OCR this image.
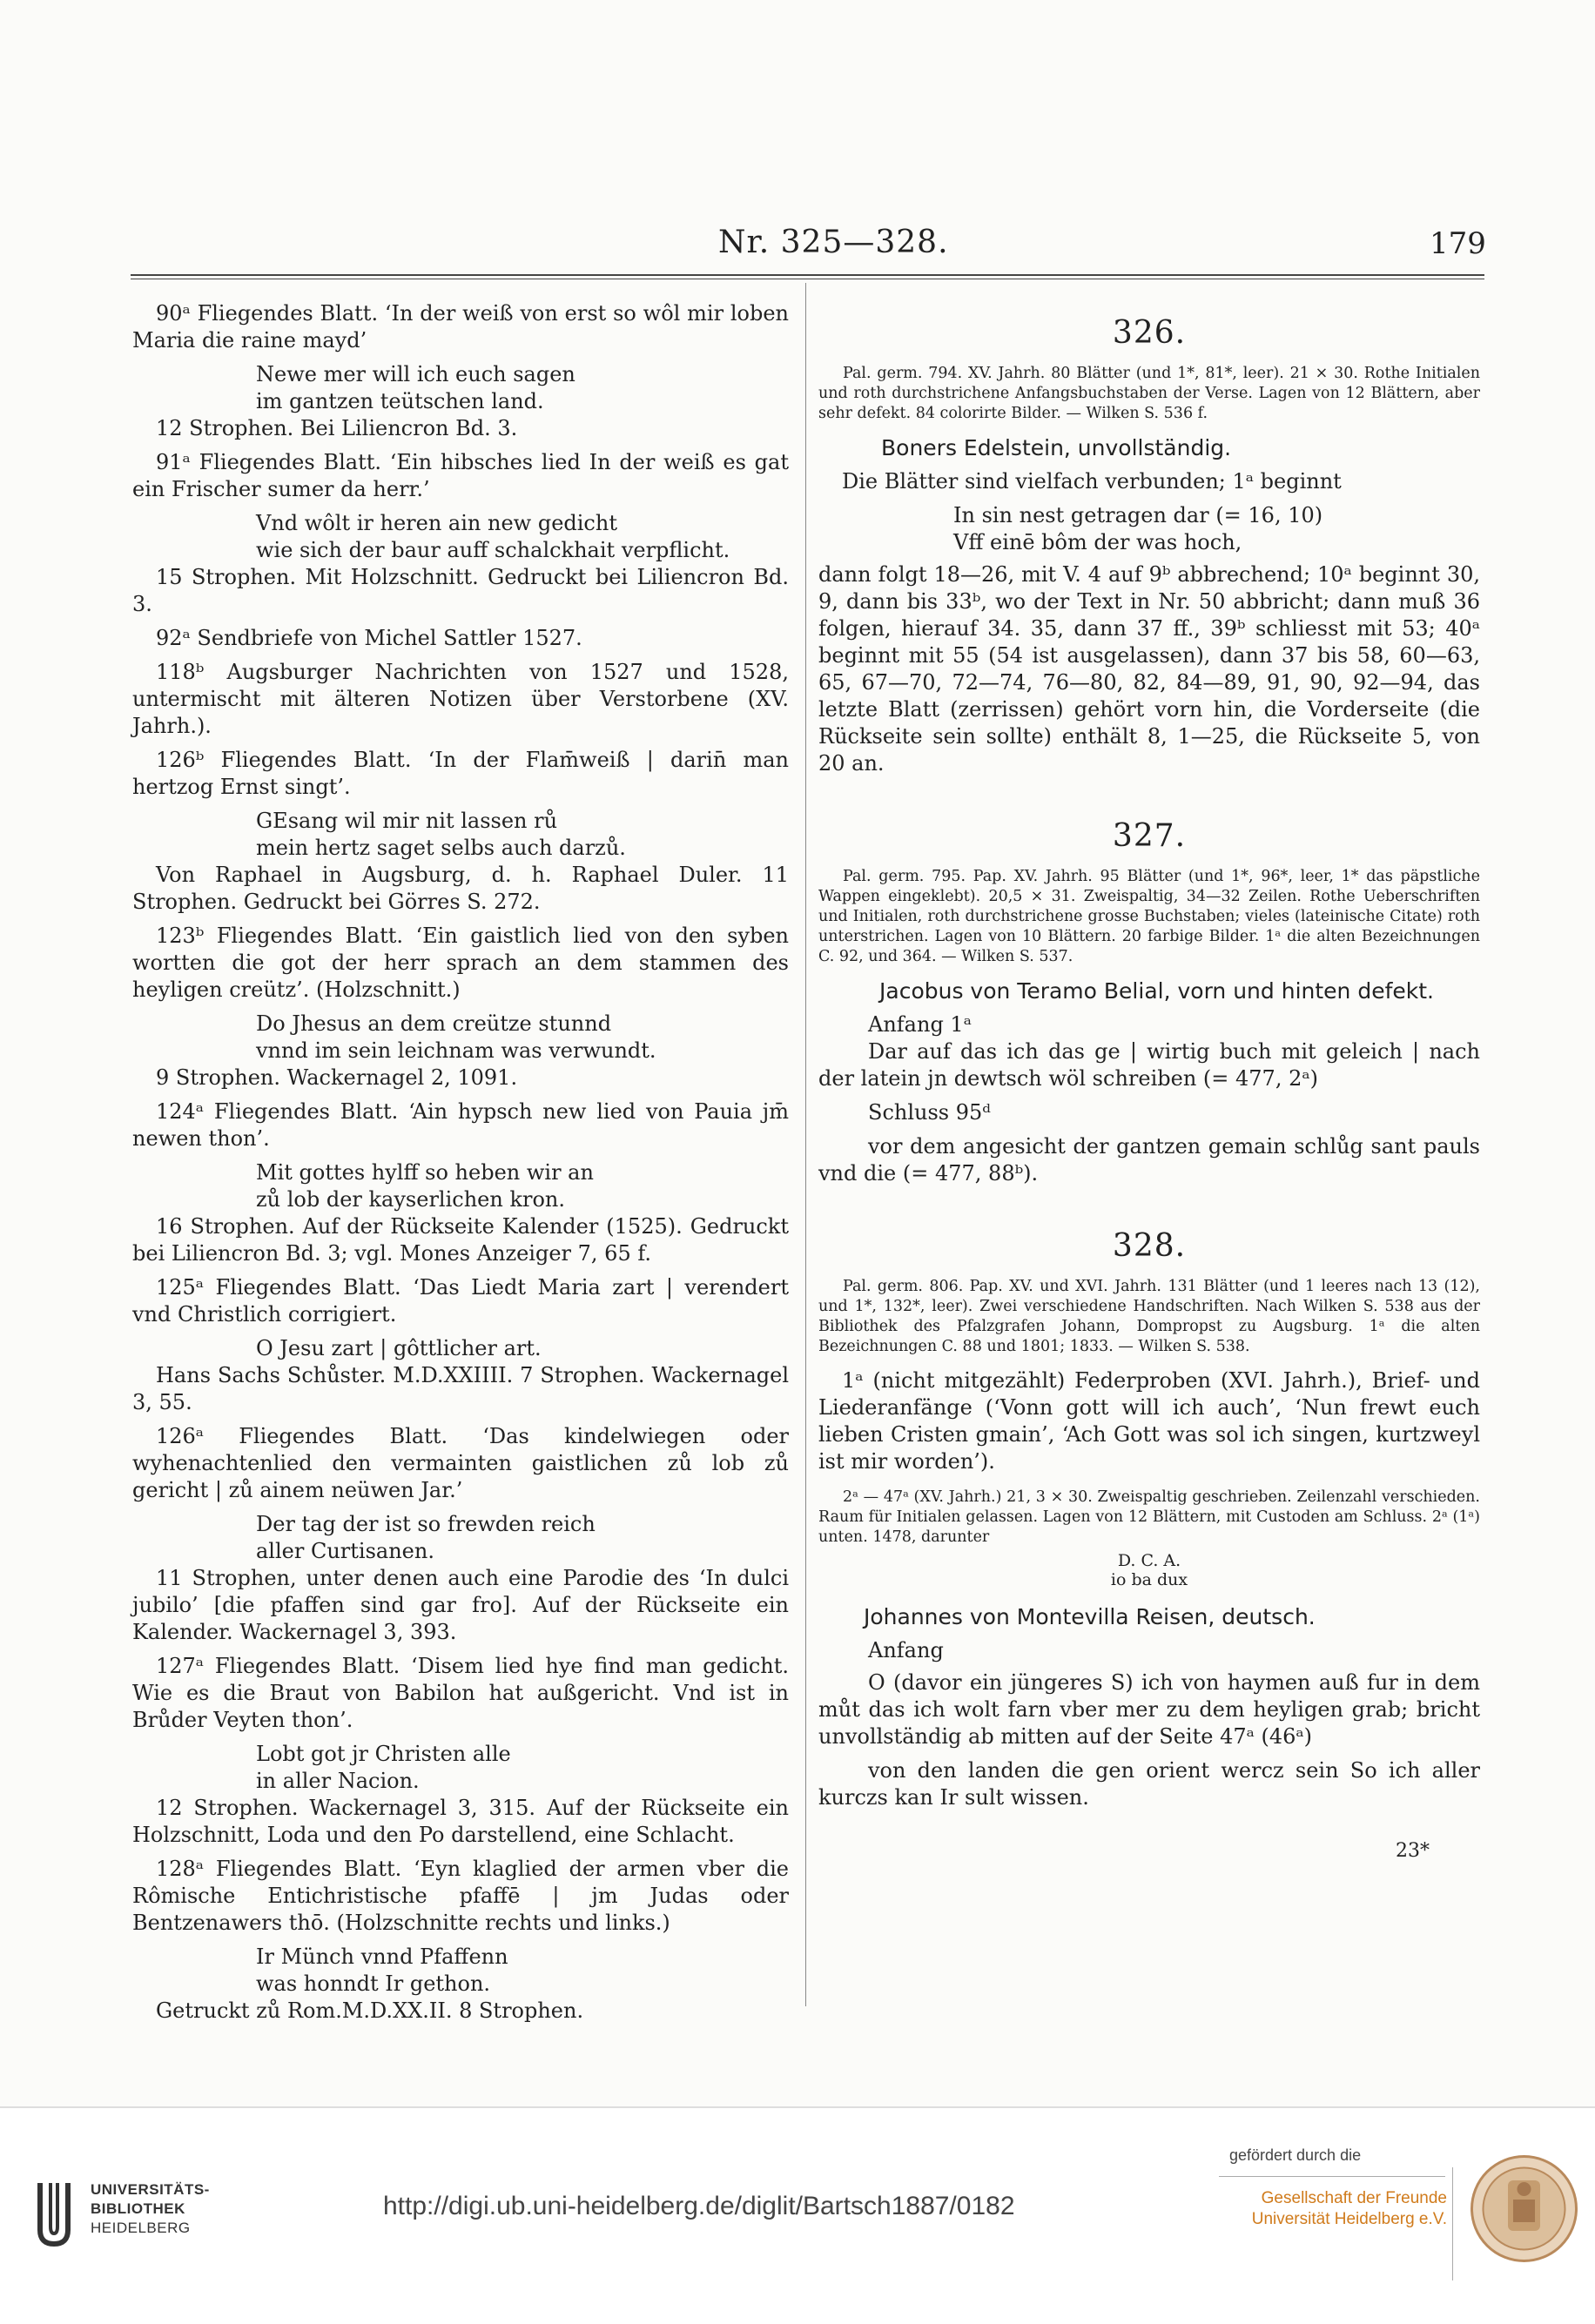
Nr. 325—328.	179

90ᵃ Fliegendes Blatt. ‘In der weiß von erst so wôl mir loben Maria die raine mayd’

Newe mer will ich euch sagen
im gantzen teütschen land.

12 Strophen. Bei Liliencron Bd. 3.

91ᵃ Fliegendes Blatt. ‘Ein hibsches lied In der weiß es gat ein Frischer sumer da herr.’

Vnd wôlt ir heren ain new gedicht
wie sich der baur auff schalckhait verpflicht.

15 Strophen. Mit Holzschnitt. Gedruckt bei Liliencron Bd. 3.

92ᵃ Sendbriefe von Michel Sattler 1527.

118ᵇ Augsburger Nachrichten von 1527 und 1528, untermischt mit älteren Notizen über Verstorbene (XV. Jahrh.).

126ᵇ Fliegendes Blatt. ‘In der Flam̄weiß | darin̄ man hertzog Ernst singt’.

GEsang wil mir nit lassen rů
mein hertz saget selbs auch darzů.

Von Raphael in Augsburg, d. h. Raphael Duler. 11 Strophen. Gedruckt bei Görres S. 272.

123ᵇ Fliegendes Blatt. ‘Ein gaistlich lied von den syben wortten die got der herr sprach an dem stammen des heyligen creütz’. (Holzschnitt.)

Do Jhesus an dem creütze stunnd
vnnd im sein leichnam was verwundt.

9 Strophen. Wackernagel 2, 1091.

124ᵃ Fliegendes Blatt. ‘Ain hypsch new lied von Pauia jm̄ newen thon’.

Mit gottes hylff so heben wir an
zů lob der kayserlichen kron.

16 Strophen. Auf der Rückseite Kalender (1525). Gedruckt bei Liliencron Bd. 3; vgl. Mones Anzeiger 7, 65 f.

125ᵃ Fliegendes Blatt. ‘Das Liedt Maria zart | verendert vnd Christlich corrigiert.

O Jesu zart | gôttlicher art.

Hans Sachs Schůster. M.D.XXIIII. 7 Strophen. Wackernagel 3, 55.

126ᵃ Fliegendes Blatt. ‘Das kindelwiegen oder wyhenachtenlied den vermainten gaistlichen zů lob zů gericht | zů ainem neüwen Jar.’

Der tag der ist so frewden reich
aller Curtisanen.

11 Strophen, unter denen auch eine Parodie des ‘In dulci jubilo’ [die pfaffen sind gar fro]. Auf der Rückseite ein Kalender. Wackernagel 3, 393.

127ᵃ Fliegendes Blatt. ‘Disem lied hye find man gedicht. Wie es die Braut von Babilon hat außgericht. Vnd ist in Brůder Veyten thon’.

Lobt got jr Christen alle
in aller Nacion.

12 Strophen. Wackernagel 3, 315. Auf der Rückseite ein Holzschnitt, Loda und den Po darstellend, eine Schlacht.

128ᵃ Fliegendes Blatt. ‘Eyn klaglied der armen vber die Rômische Entichristische pfaffē | jm Judas oder Bentzenawers thō. (Holzschnitte rechts und links.)

Ir Münch vnnd Pfaffenn
was honndt Ir gethon.

Getruckt zů Rom.M.D.XX.II. 8 Strophen.

326.

Pal. germ. 794. XV. Jahrh. 80 Blätter (und 1*, 81*, leer). 21 × 30. Rothe Initialen und roth durchstrichene Anfangsbuchstaben der Verse. Lagen von 12 Blättern, aber sehr defekt. 84 colorirte Bilder. — Wilken S. 536 f.

Boners Edelstein, unvollständig.

Die Blätter sind vielfach verbunden; 1ᵃ beginnt

In sin nest getragen dar (= 16, 10)
Vff einē bôm der was hoch,

dann folgt 18—26, mit V. 4 auf 9ᵇ abbrechend; 10ᵃ beginnt 30, 9, dann bis 33ᵇ, wo der Text in Nr. 50 abbricht; dann muß 36 folgen, hierauf 34. 35, dann 37 ff., 39ᵇ schliesst mit 53; 40ᵃ beginnt mit 55 (54 ist ausgelassen), dann 37 bis 58, 60—63, 65, 67—70, 72—74, 76—80, 82, 84—89, 91, 90, 92—94, das letzte Blatt (zerrissen) gehört vorn hin, die Vorderseite (die Rückseite sein sollte) enthält 8, 1—25, die Rückseite 5, von 20 an.

327.

Pal. germ. 795. Pap. XV. Jahrh. 95 Blätter (und 1*, 96*, leer, 1* das päpstliche Wappen eingeklebt). 20,5 × 31. Zweispaltig, 34—32 Zeilen. Rothe Ueberschriften und Initialen, roth durchstrichene grosse Buchstaben; vieles (lateinische Citate) roth unterstrichen. Lagen von 10 Blättern. 20 farbige Bilder. 1ᵃ die alten Bezeichnungen C. 92, und 364. — Wilken S. 537.

Jacobus von Teramo Belial, vorn und hinten defekt.
Anfang 1ᵃ

Dar auf das ich das ge | wirtig buch mit geleich | nach der latein jn dewtsch wöl schreiben (= 477, 2ᵃ)

Schluss 95ᵈ

vor dem angesicht der gantzen gemain schlůg sant pauls vnd die (= 477, 88ᵇ).

328.

Pal. germ. 806. Pap. XV. und XVI. Jahrh. 131 Blätter (und 1 leeres nach 13 (12), und 1*, 132*, leer). Zwei verschiedene Handschriften. Nach Wilken S. 538 aus der Bibliothek des Pfalzgrafen Johann, Dompropst zu Augsburg. 1ᵃ die alten Bezeichnungen C. 88 und 1801; 1833. — Wilken S. 538.

1ᵃ (nicht mitgezählt) Federproben (XVI. Jahrh.), Brief- und Liederanfänge (‘Vonn gott will ich auch’, ‘Nun frewt euch lieben Cristen gmain’, ‘Ach Gott was sol ich singen, kurtzweyl ist mir worden’).

2ᵃ — 47ᵃ (XV. Jahrh.) 21, 3 × 30. Zweispaltig geschrieben. Zeilenzahl verschieden. Raum für Initialen gelassen. Lagen von 12 Blättern, mit Custoden am Schluss. 2ᵃ (1ᵃ) unten. 1478, darunter

D. C. A.
io ba dux
Johannes von Montevilla Reisen, deutsch.
Anfang

O (davor ein jüngeres S) ich von haymen auß fur in dem můt das ich wolt farn vber mer zu dem heyligen grab; bricht unvollständig ab mitten auf der Seite 47ᵃ (46ᵃ)

von den landen die gen orient wercz sein So ich aller kurczs kan Ir sult wissen.

23*
UNIVERSITÄTS-
BIBLIOTHEK
HEIDELBERG
http://digi.ub.uni-heidelberg.de/diglit/Bartsch1887/0182
gefördert durch die
Gesellschaft der Freunde
Universität Heidelberg e.V.
